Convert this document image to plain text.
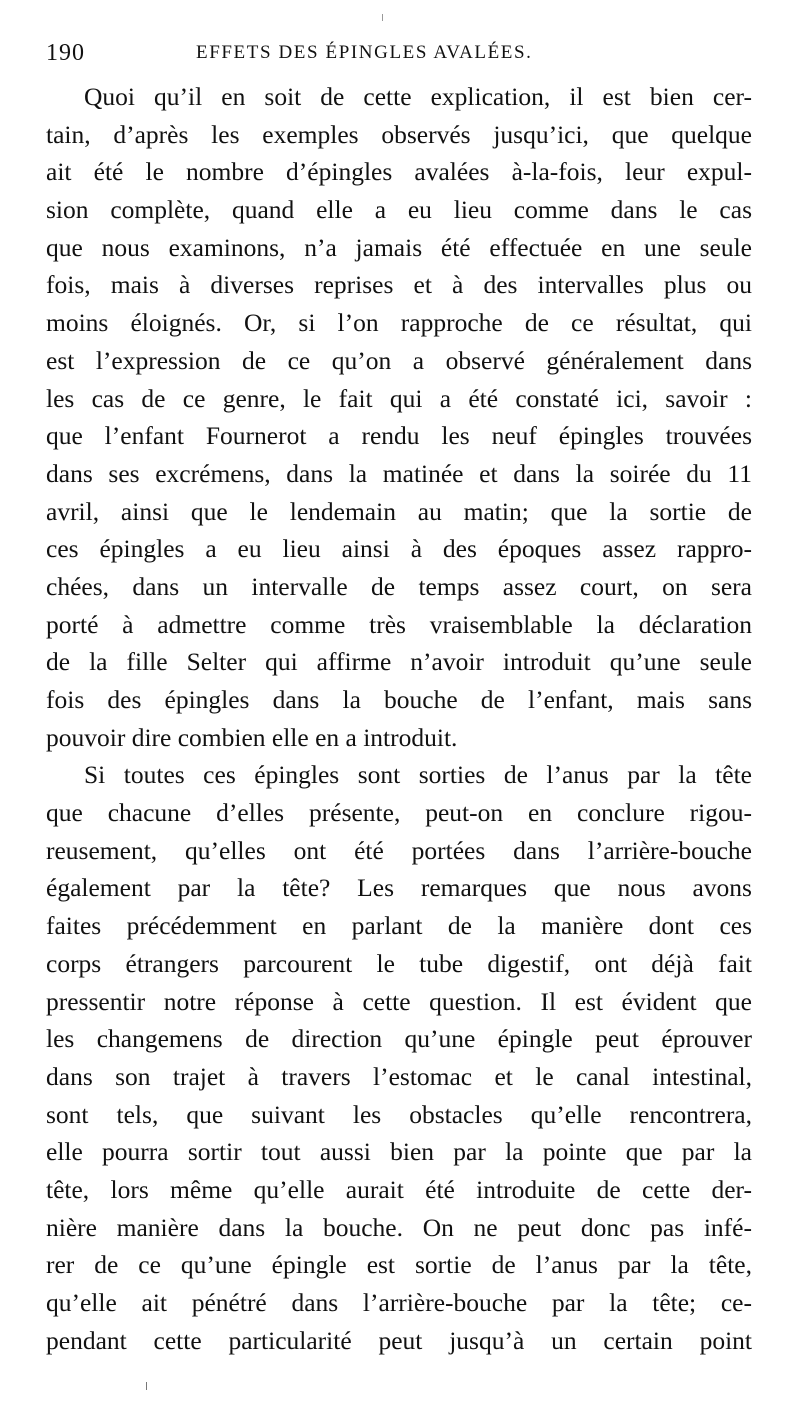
190	EFFETS DES ÉPINGLES AVALÉES.
Quoi qu’il en soit de cette explication, il est bien cer-
tain, d’après les exemples observés jusqu’ici, que quelque
ait été le nombre d’épingles avalées à-la-fois, leur expul-
sion complète, quand elle a eu lieu comme dans le cas
que nous examinons, n’a jamais été effectuée en une seule
fois, mais à diverses reprises et à des intervalles plus ou
moins éloignés. Or, si l’on rapproche de ce résultat, qui
est l’expression de ce qu’on a observé généralement dans
les cas de ce genre, le fait qui a été constaté ici, savoir :
que l’enfant Fournerot a rendu les neuf épingles trouvées
dans ses excrémens, dans la matinée et dans la soirée du 11
avril, ainsi que le lendemain au matin; que la sortie de
ces épingles a eu lieu ainsi à des époques assez rappro-
chées, dans un intervalle de temps assez court, on sera
porté à admettre comme très vraisemblable la déclaration
de la fille Selter qui affirme n’avoir introduit qu’une seule
fois des épingles dans la bouche de l’enfant, mais sans
pouvoir dire combien elle en a introduit.
Si toutes ces épingles sont sorties de l’anus par la tête
que chacune d’elles présente, peut-on en conclure rigou-
reusement, qu’elles ont été portées dans l’arrière-bouche
également par la tête? Les remarques que nous avons
faites précédemment en parlant de la manière dont ces
corps étrangers parcourent le tube digestif, ont déjà fait
pressentir notre réponse à cette question. Il est évident que
les changemens de direction qu’une épingle peut éprouver
dans son trajet à travers l’estomac et le canal intestinal,
sont tels, que suivant les obstacles qu’elle rencontrera,
elle pourra sortir tout aussi bien par la pointe que par la
tête, lors même qu’elle aurait été introduite de cette der-
nière manière dans la bouche. On ne peut donc pas infé-
rer de ce qu’une épingle est sortie de l’anus par la tête,
qu’elle ait pénétré dans l’arrière-bouche par la tête; ce-
pendant cette particularité peut jusqu’à un certain point
